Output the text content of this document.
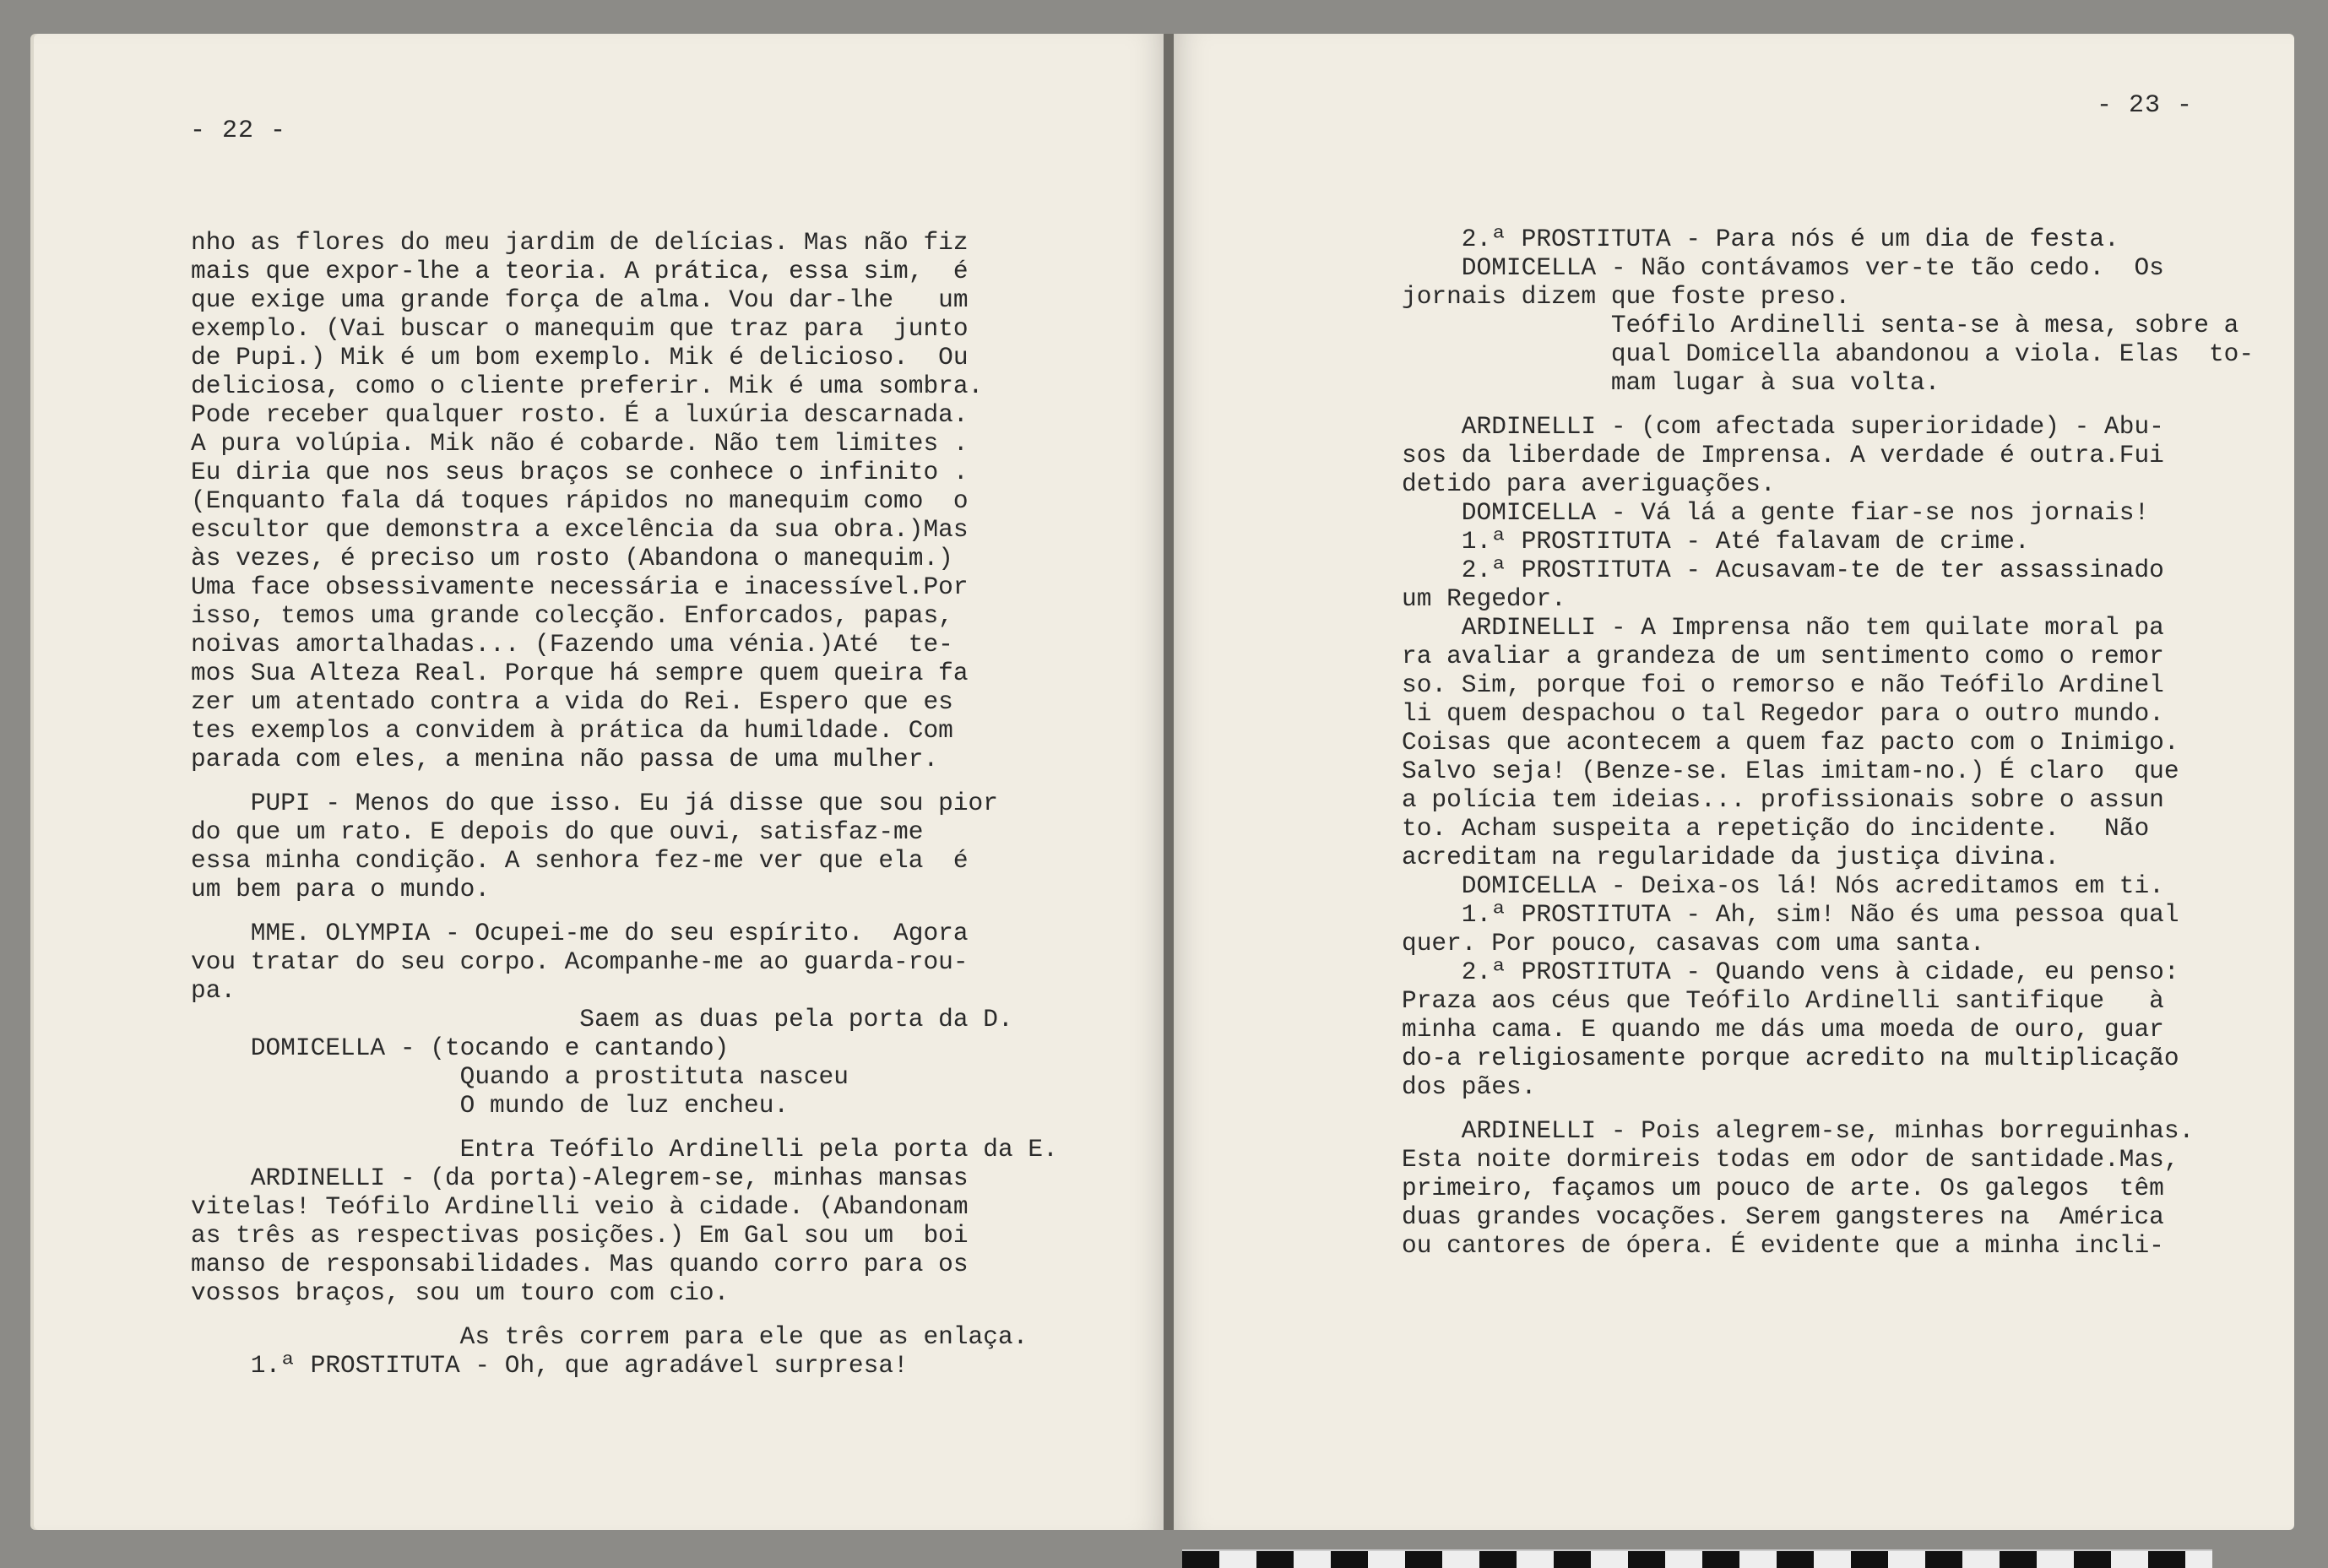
- 22 -
nho as flores do meu jardim de delícias. Mas não fiz
mais que expor-lhe a teoria. A prática, essa sim,  é
que exige uma grande força de alma. Vou dar-lhe   um
exemplo. (Vai buscar o manequim que traz para  junto
de Pupi.) Mik é um bom exemplo. Mik é delicioso.  Ou
deliciosa, como o cliente preferir. Mik é uma sombra.
Pode receber qualquer rosto. É a luxúria descarnada.
A pura volúpia. Mik não é cobarde. Não tem limites .
Eu diria que nos seus braços se conhece o infinito .
(Enquanto fala dá toques rápidos no manequim como  o
escultor que demonstra a excelência da sua obra.)Mas
às vezes, é preciso um rosto (Abandona o manequim.)
Uma face obsessivamente necessária e inacessível.Por
isso, temos uma grande colecção. Enforcados, papas,
noivas amortalhadas... (Fazendo uma vénia.)Até  te-
mos Sua Alteza Real. Porque há sempre quem queira fa
zer um atentado contra a vida do Rei. Espero que es
tes exemplos a convidem à prática da humildade. Com
parada com eles, a menina não passa de uma mulher.
PUPI - Menos do que isso. Eu já disse que sou pior
do que um rato. E depois do que ouvi, satisfaz-me
essa minha condição. A senhora fez-me ver que ela  é
um bem para o mundo.
MME. OLYMPIA - Ocupei-me do seu espírito.  Agora
vou tratar do seu corpo. Acompanhe-me ao guarda-rou-
pa.
Saem as duas pela porta da D.
DOMICELLA - (tocando e cantando)
Quando a prostituta nasceu
O mundo de luz encheu.
Entra Teófilo Ardinelli pela porta da E.
ARDINELLI - (da porta)-Alegrem-se, minhas mansas
vitelas! Teófilo Ardinelli veio à cidade. (Abandonam
as três as respectivas posições.) Em Gal sou um  boi
manso de responsabilidades. Mas quando corro para os
vossos braços, sou um touro com cio.
As três correm para ele que as enlaça.
1.ª PROSTITUTA - Oh, que agradável surpresa!
- 23 -
2.ª PROSTITUTA - Para nós é um dia de festa.
DOMICELLA - Não contávamos ver-te tão cedo.  Os
jornais dizem que foste preso.
Teófilo Ardinelli senta-se à mesa, sobre a
qual Domicella abandonou a viola. Elas  to-
mam lugar à sua volta.
ARDINELLI - (com afectada superioridade) - Abu-
sos da liberdade de Imprensa. A verdade é outra.Fui
detido para averiguações.
DOMICELLA - Vá lá a gente fiar-se nos jornais!
1.ª PROSTITUTA - Até falavam de crime.
2.ª PROSTITUTA - Acusavam-te de ter assassinado
um Regedor.
ARDINELLI - A Imprensa não tem quilate moral pa
ra avaliar a grandeza de um sentimento como o remor
so. Sim, porque foi o remorso e não Teófilo Ardinel
li quem despachou o tal Regedor para o outro mundo.
Coisas que acontecem a quem faz pacto com o Inimigo.
Salvo seja! (Benze-se. Elas imitam-no.) É claro  que
a polícia tem ideias... profissionais sobre o assun
to. Acham suspeita a repetição do incidente.   Não
acreditam na regularidade da justiça divina.
DOMICELLA - Deixa-os lá! Nós acreditamos em ti.
1.ª PROSTITUTA - Ah, sim! Não és uma pessoa qual
quer. Por pouco, casavas com uma santa.
2.ª PROSTITUTA - Quando vens à cidade, eu penso:
Praza aos céus que Teófilo Ardinelli santifique   à
minha cama. E quando me dás uma moeda de ouro, guar
do-a religiosamente porque acredito na multiplicação
dos pães.
ARDINELLI - Pois alegrem-se, minhas borreguinhas.
Esta noite dormireis todas em odor de santidade.Mas,
primeiro, façamos um pouco de arte. Os galegos  têm
duas grandes vocações. Serem gangsteres na  América
ou cantores de ópera. É evidente que a minha incli-
